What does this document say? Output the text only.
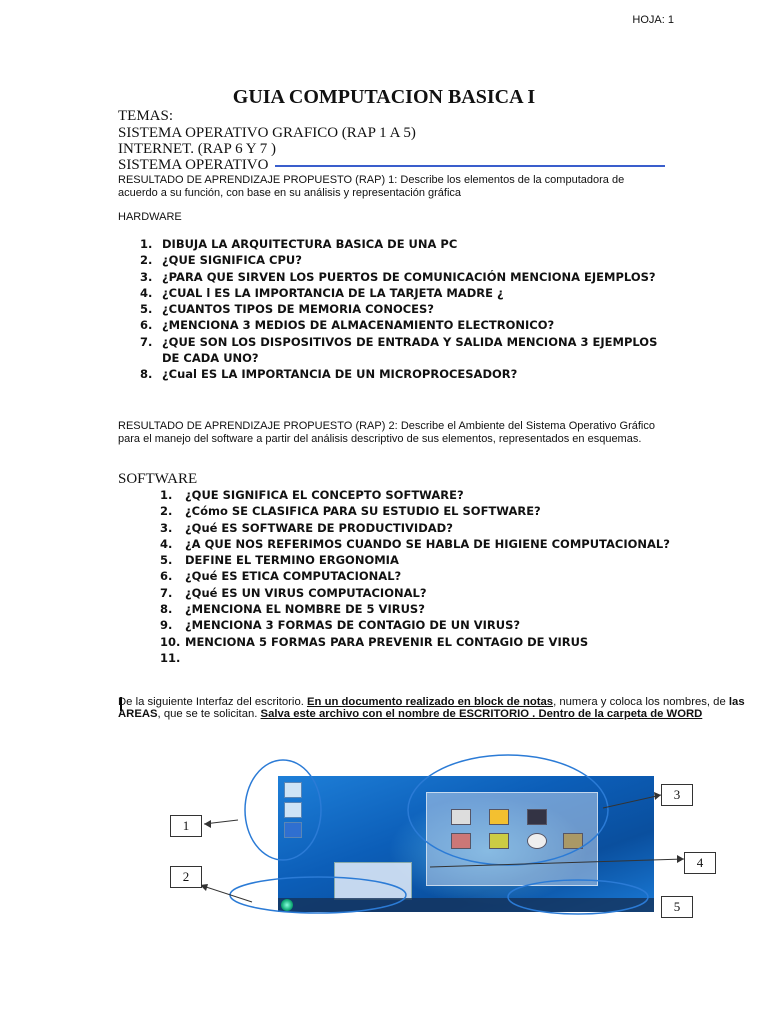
HOJA: 1
GUIA COMPUTACION BASICA I
TEMAS:
SISTEMA OPERATIVO GRAFICO (RAP 1 A 5)
INTERNET. (RAP 6 Y 7 )
SISTEMA OPERATIVO
RESULTADO DE APRENDIZAJE PROPUESTO (RAP) 1: Describe los elementos de la computadora de acuerdo a su función, con base en su análisis y representación gráfica
HARDWARE
1. DIBUJA LA ARQUITECTURA BASICA DE UNA PC
2. ¿QUE SIGNIFICA CPU?
3. ¿PARA QUE SIRVEN LOS PUERTOS DE COMUNICACIÓN MENCIONA EJEMPLOS?
4. ¿CUAL l ES LA IMPORTANCIA DE LA TARJETA MADRE ¿
5. ¿CUANTOS TIPOS DE MEMORIA CONOCES?
6. ¿MENCIONA 3 MEDIOS DE ALMACENAMIENTO ELECTRONICO?
7. ¿QUE SON LOS DISPOSITIVOS DE ENTRADA Y SALIDA MENCIONA 3 EJEMPLOS DE CADA UNO?
8. ¿Cual ES LA IMPORTANCIA DE UN MICROPROCESADOR?
RESULTADO DE APRENDIZAJE PROPUESTO (RAP) 2: Describe el Ambiente del Sistema Operativo Gráfico para el manejo del software a partir del análisis descriptivo de sus elementos, representados en esquemas.
SOFTWARE
1. ¿QUE SIGNIFICA EL CONCEPTO SOFTWARE?
2. ¿Cómo SE CLASIFICA PARA SU ESTUDIO EL SOFTWARE?
3. ¿Qué ES SOFTWARE DE PRODUCTIVIDAD?
4. ¿A QUE NOS REFERIMOS CUANDO SE HABLA DE HIGIENE COMPUTACIONAL?
5. DEFINE EL TERMINO ERGONOMIA
6. ¿Qué ES ETICA COMPUTACIONAL?
7. ¿Qué ES UN VIRUS COMPUTACIONAL?
8. ¿MENCIONA EL NOMBRE DE 5 VIRUS?
9. ¿MENCIONA 3 FORMAS DE CONTAGIO DE UN VIRUS?
10. MENCIONA 5 FORMAS PARA PREVENIR EL CONTAGIO DE VIRUS
11.
De la siguiente Interfaz del escritorio. En un documento realizado en block de notas, numera y coloca los nombres, de las AREAS, que se te solicitan. Salva este archivo con el nombre de ESCRITORIO . Dentro de la carpeta de WORD
1
2
3
4
5
